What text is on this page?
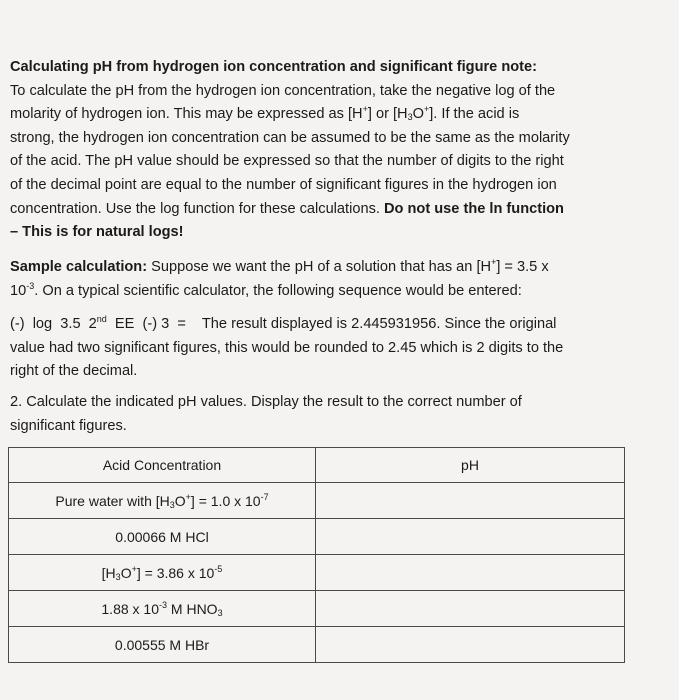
Calculating pH from hydrogen ion concentration and significant figure note:
To calculate the pH from the hydrogen ion concentration, take the negative log of the
molarity of hydrogen ion. This may be expressed as [H+] or $[H_3O^+]$. If the acid is
strong, the hydrogen ion concentration can be assumed to be the same as the molarity
of the acid. The pH value should be expressed so that the number of digits to the right
of the decimal point are equal to the number of significant figures in the hydrogen ion
concentration. Use the log function for these calculations. Do not use the ln function
– This is for natural logs!
Sample calculation: Suppose we want the pH of a solution that has an [H+] = 3.5 x
$10^{-3}$. On a typical scientific calculator, the following sequence would be entered:
(-)  log  3.5  2nd  EE  (-) 3  = The result displayed is 2.445931956. Since the original
value had two significant figures, this would be rounded to 2.45 which is 2 digits to the
right of the decimal.
2. Calculate the indicated pH values. Display the result to the correct number of
significant figures.
Acid Concentration	pH
Pure water with $[H_3O^+] = 1.0$ x $10^{-7}$	
0.00066 M HCl	
$[H_3O^+] = 3.86$ x $10^{-5}$	
1.88 x $10^{-3}$ M $HNO_3$	
0.00555 M HBr	
